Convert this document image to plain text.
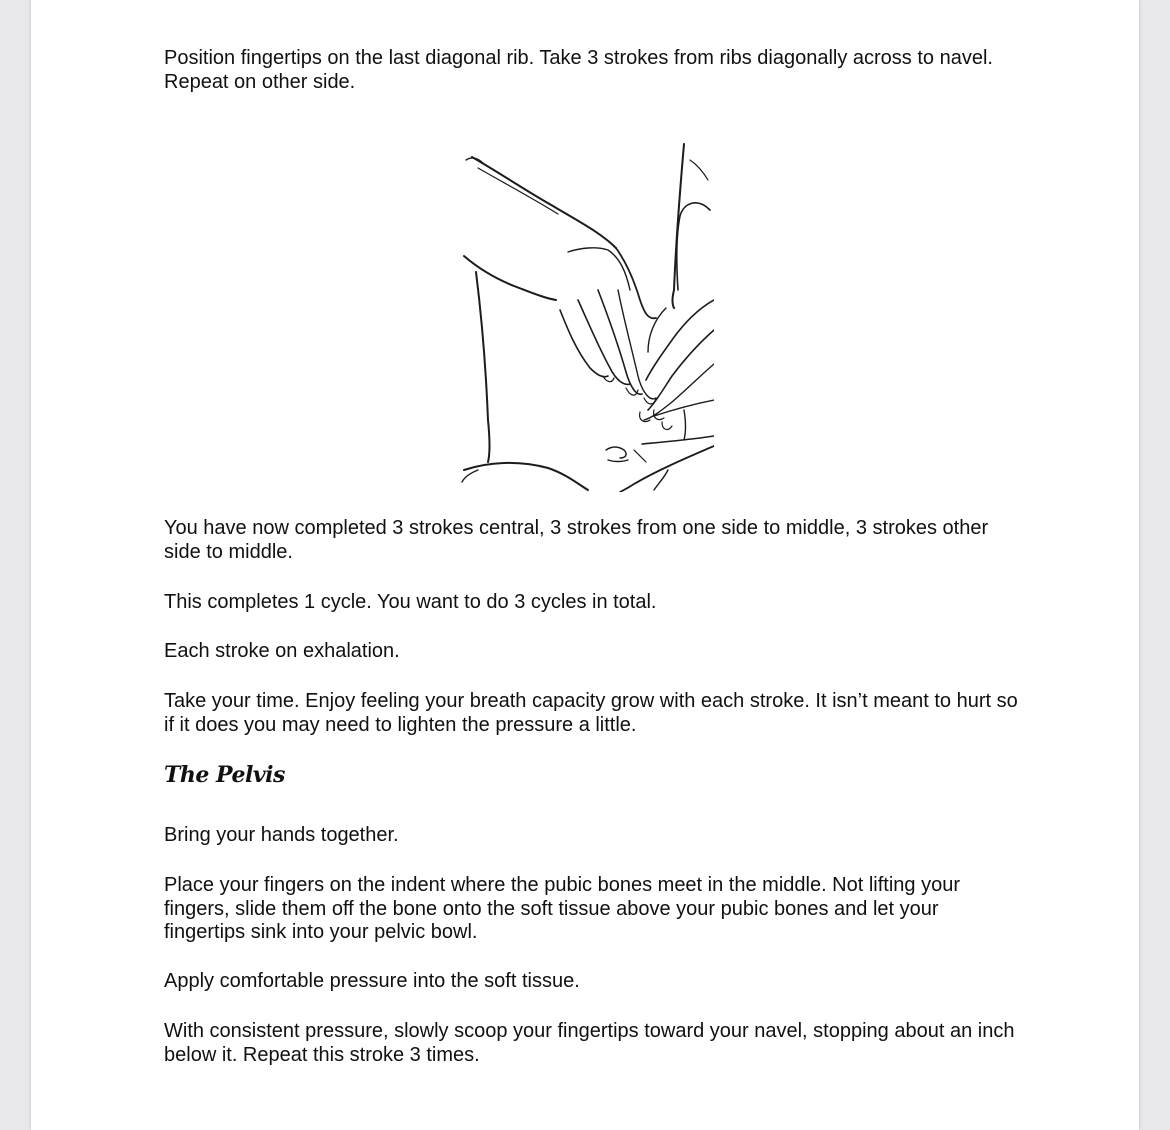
Position fingertips on the last diagonal rib. Take 3 strokes from ribs diagonally across to navel. Repeat on other side.

You have now completed 3 strokes central, 3 strokes from one side to middle, 3 strokes other side to middle.

This completes 1 cycle. You want to do 3 cycles in total.

Each stroke on exhalation.

Take your time. Enjoy feeling your breath capacity grow with each stroke. It isn’t meant to hurt so if it does you may need to lighten the pressure a little.

The Pelvis

Bring your hands together.

Place your fingers on the indent where the pubic bones meet in the middle. Not lifting your fingers, slide them off the bone onto the soft tissue above your pubic bones and let your fingertips sink into your pelvic bowl.

Apply comfortable pressure into the soft tissue.

With consistent pressure, slowly scoop your fingertips toward your navel, stopping about an inch below it. Repeat this stroke 3 times.
